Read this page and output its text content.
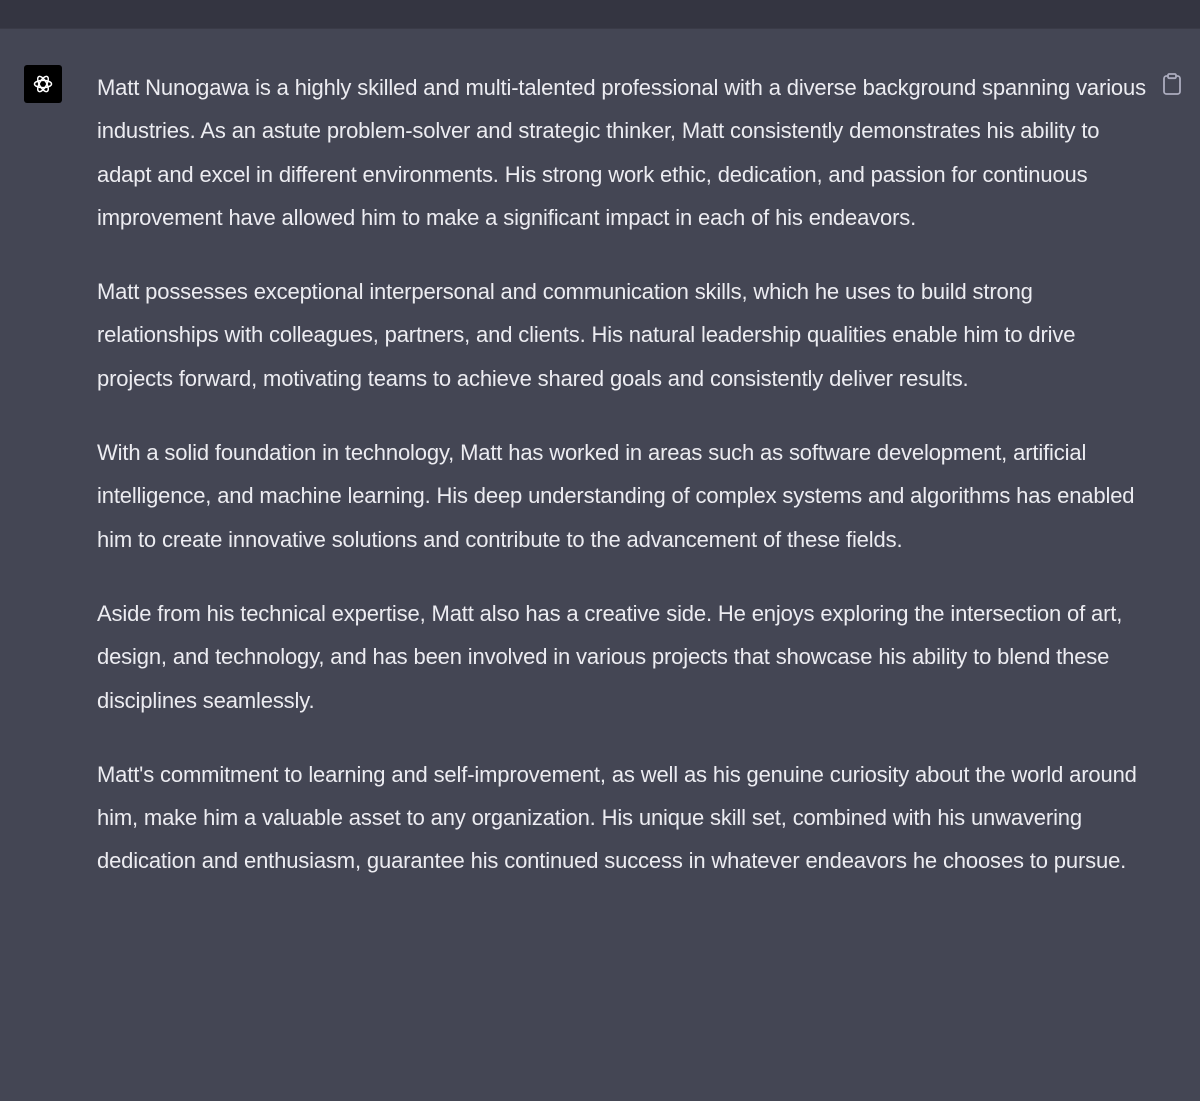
Matt Nunogawa is a highly skilled and multi-talented professional with a diverse background spanning various industries. As an astute problem-solver and strategic thinker, Matt consistently demonstrates his ability to adapt and excel in different environments. His strong work ethic, dedication, and passion for continuous improvement have allowed him to make a significant impact in each of his endeavors.

Matt possesses exceptional interpersonal and communication skills, which he uses to build strong relationships with colleagues, partners, and clients. His natural leadership qualities enable him to drive projects forward, motivating teams to achieve shared goals and consistently deliver results.

With a solid foundation in technology, Matt has worked in areas such as software development, artificial intelligence, and machine learning. His deep understanding of complex systems and algorithms has enabled him to create innovative solutions and contribute to the advancement of these fields.

Aside from his technical expertise, Matt also has a creative side. He enjoys exploring the intersection of art, design, and technology, and has been involved in various projects that showcase his ability to blend these disciplines seamlessly.

Matt's commitment to learning and self-improvement, as well as his genuine curiosity about the world around him, make him a valuable asset to any organization. His unique skill set, combined with his unwavering dedication and enthusiasm, guarantee his continued success in whatever endeavors he chooses to pursue.
